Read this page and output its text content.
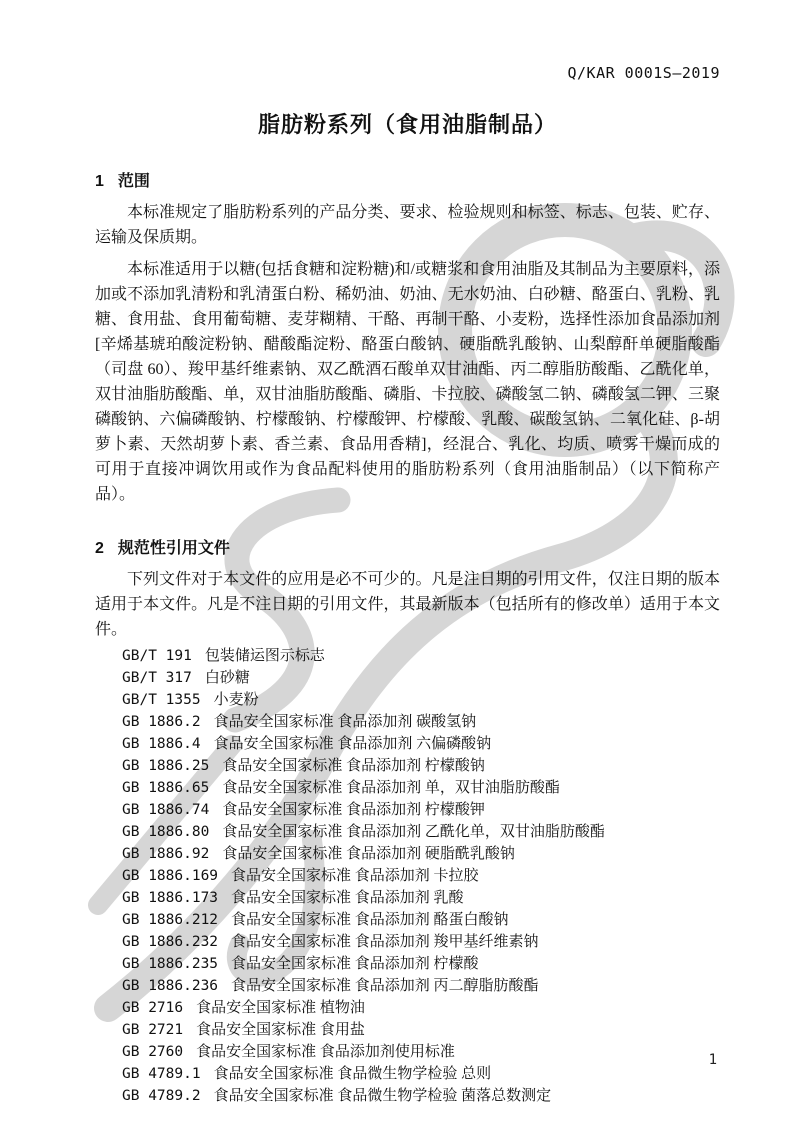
Q/KAR 0001S—2019
脂肪粉系列（食用油脂制品）
1 范围

本标准规定了脂肪粉系列的产品分类、要求、检验规则和标签、标志、包装、贮存、运输及保质期。

本标准适用于以糖(包括食糖和淀粉糖)和/或糖浆和食用油脂及其制品为主要原料，添加或不添加乳清粉和乳清蛋白粉、稀奶油、奶油、无水奶油、白砂糖、酪蛋白、乳粉、乳糖、食用盐、食用葡萄糖、麦芽糊精、干酪、再制干酪、小麦粉，选择性添加食品添加剂[辛烯基琥珀酸淀粉钠、醋酸酯淀粉、酪蛋白酸钠、硬脂酰乳酸钠、山梨醇酐单硬脂酸酯（司盘 60）、羧甲基纤维素钠、双乙酰酒石酸单双甘油酯、丙二醇脂肪酸酯、乙酰化单，双甘油脂肪酸酯、单，双甘油脂肪酸酯、磷脂、卡拉胶、磷酸氢二钠、磷酸氢二钾、三聚磷酸钠、六偏磷酸钠、柠檬酸钠、柠檬酸钾、柠檬酸、乳酸、碳酸氢钠、二氧化硅、β-胡萝卜素、天然胡萝卜素、香兰素、食品用香精]，经混合、乳化、均质、喷雾干燥而成的可用于直接冲调饮用或作为食品配料使用的脂肪粉系列（食用油脂制品）（以下简称产品）。

2 规范性引用文件

下列文件对于本文件的应用是必不可少的。凡是注日期的引用文件，仅注日期的版本适用于本文件。凡是不注日期的引用文件，其最新版本（包括所有的修改单）适用于本文件。

GB/T 191 包装储运图示标志
GB/T 317 白砂糖
GB/T 1355 小麦粉
GB 1886.2 食品安全国家标准 食品添加剂 碳酸氢钠
GB 1886.4 食品安全国家标准 食品添加剂 六偏磷酸钠
GB 1886.25 食品安全国家标准 食品添加剂 柠檬酸钠
GB 1886.65 食品安全国家标准 食品添加剂 单，双甘油脂肪酸酯
GB 1886.74 食品安全国家标准 食品添加剂 柠檬酸钾
GB 1886.80 食品安全国家标准 食品添加剂 乙酰化单，双甘油脂肪酸酯
GB 1886.92 食品安全国家标准 食品添加剂 硬脂酰乳酸钠
GB 1886.169 食品安全国家标准 食品添加剂 卡拉胶
GB 1886.173 食品安全国家标准 食品添加剂 乳酸
GB 1886.212 食品安全国家标准 食品添加剂 酪蛋白酸钠
GB 1886.232 食品安全国家标准 食品添加剂 羧甲基纤维素钠
GB 1886.235 食品安全国家标准 食品添加剂 柠檬酸
GB 1886.236 食品安全国家标准 食品添加剂 丙二醇脂肪酸酯
GB 2716 食品安全国家标准 植物油
GB 2721 食品安全国家标准 食用盐
GB 2760 食品安全国家标准 食品添加剂使用标准
GB 4789.1 食品安全国家标准 食品微生物学检验 总则
GB 4789.2 食品安全国家标准 食品微生物学检验 菌落总数测定
1
